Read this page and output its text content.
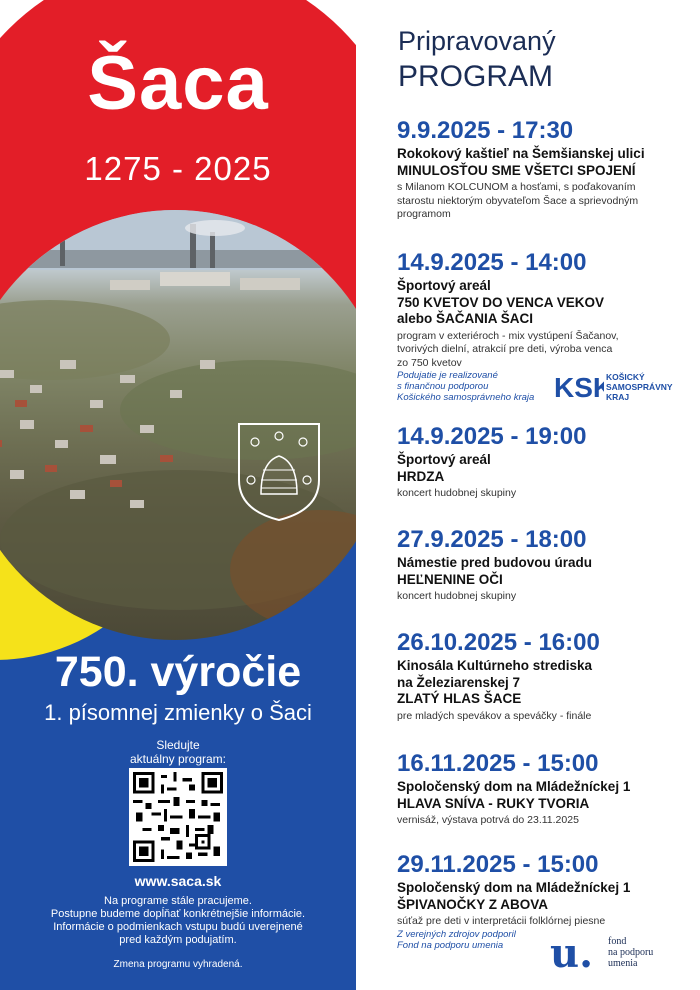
Šaca
1275 - 2025
750. výročie
1. písomnej zmienky o Šaci
Sledujte
aktuálny program:
www.saca.sk
Na programe stále pracujeme.
Postupne budeme dopĺňať konkrétnejšie informácie.
Informácie o podmienkach vstupu budú uverejnené
pred každým podujatím.
Zmena programu vyhradená.
Pripravovaný
PROGRAM
9.9.2025 - 17:30
Rokokový kaštieľ na Šemšianskej ulici
MINULOSŤOU SME VŠETCI SPOJENÍ
s Milanom KOLCUNOM a hosťami, s poďakovaním
starostu niektorým obyvateľom Šace a sprievodným
programom
14.9.2025 - 14:00
Športový areál
750 KVETOV DO VENCA VEKOV
alebo ŠAČANIA ŠACI
program v exteriéroch - mix vystúpení Šačanov,
tvorivých dielní, atrakcií pre deti, výroba venca
zo 750 kvetov
Podujatie je realizované
s finančnou podporou
Košického samosprávneho kraja KSK
KOŠICKÝ
SAMOSPRÁVNY
KRAJ
14.9.2025 - 19:00
Športový areál
HRDZA
koncert hudobnej skupiny
27.9.2025 - 18:00
Námestie pred budovou úradu
HEĽNENINE OČI
koncert hudobnej skupiny
26.10.2025 - 16:00
Kinosála Kultúrneho strediska
na Železiarenskej 7
ZLATÝ HLAS ŠACE
pre mladých spevákov a speváčky - finále
16.11.2025 - 15:00
Spoločenský dom na Mládežníckej 1
HLAVA SNÍVA - RUKY TVORIA
vernisáž, výstava potrvá do 23.11.2025
29.11.2025 - 15:00
Spoločenský dom na Mládežníckej 1
ŠPIVANOČKY Z ABOVA
súťaž pre deti v interpretácii folklórnej piesne
Z verejných zdrojov podporil
Fond na podporu umenia	u. fond
na podporu
umenia
